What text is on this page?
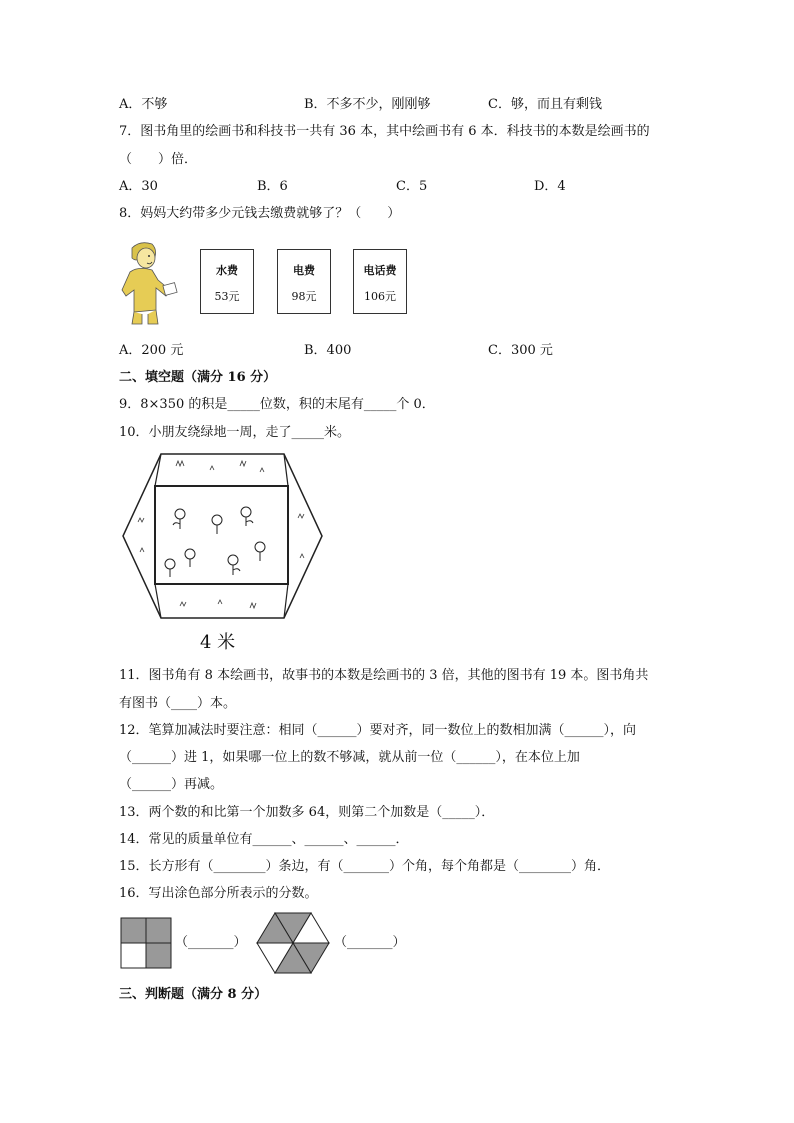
A．不够	B．不多不少，刚刚够	C．够，而且有剩钱
7．图书角里的绘画书和科技书一共有 36 本，其中绘画书有 6 本．科技书的本数是绘画书的
（　　）倍．
A．30	B．6	C．5	D．4
8．妈妈大约带多少元钱去缴费就够了？（　　）
水费
53元
电费
98元
电话费
106元
A．200 元	B．400	C．300 元
二、填空题（满分 16 分）
9．8×350 的积是_____位数，积的末尾有_____个 0．
10．小朋友绕绿地一周，走了_____米。
4 米
11．图书角有 8 本绘画书，故事书的本数是绘画书的 3 倍，其他的图书有 19 本。图书角共
有图书（____）本。
12．笔算加减法时要注意：相同（______）要对齐，同一数位上的数相加满（______），向
（______）进 1，如果哪一位上的数不够减，就从前一位（______），在本位上加
（______）再减。
13．两个数的和比第一个加数多 64，则第二个加数是（_____）．
14．常见的质量单位有______、______、______．
15．长方形有（________）条边，有（_______）个角，每个角都是（________）角．
16．写出涂色部分所表示的分数。
（_______）	（_______）
三、判断题（满分 8 分）
